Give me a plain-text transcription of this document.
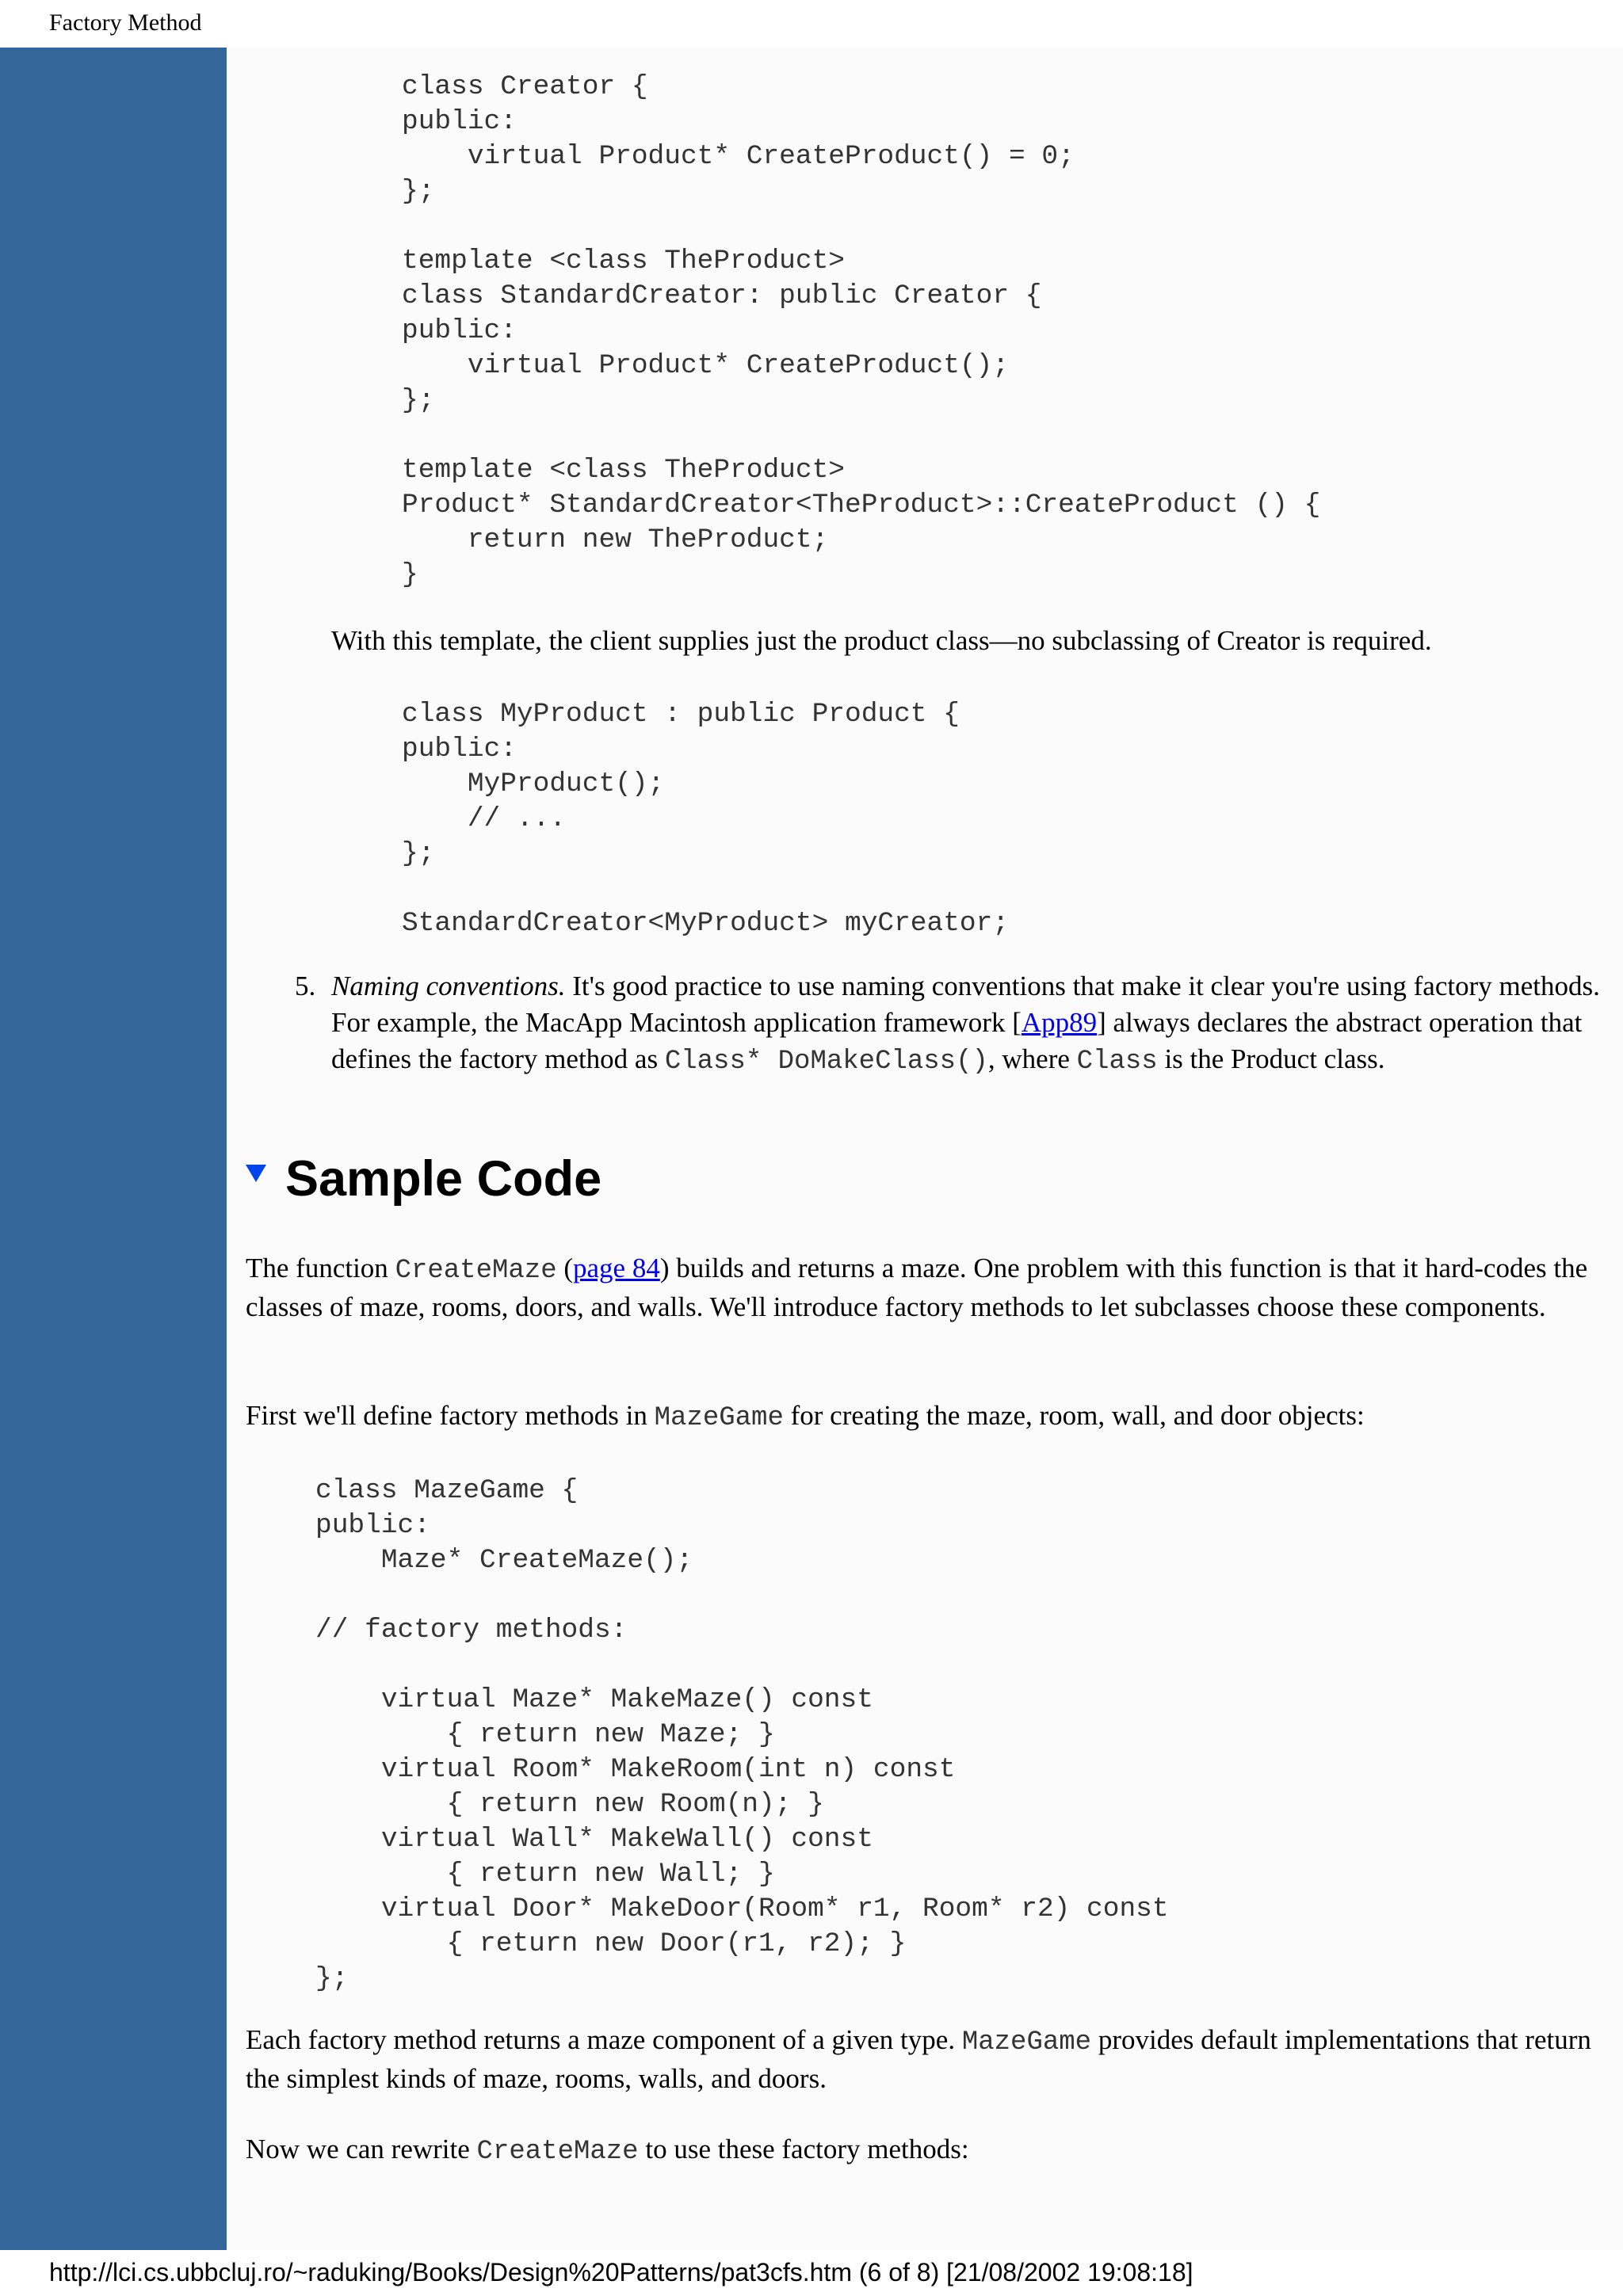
Factory Method
class Creator {
public:
virtual Product* CreateProduct() = 0;
};

template <class TheProduct>
class StandardCreator: public Creator {
public:
virtual Product* CreateProduct();
};

template <class TheProduct>
Product* StandardCreator<TheProduct>::CreateProduct () {
return new TheProduct;
}

With this template, the client supplies just the product class—no subclassing of Creator is required.

class MyProduct : public Product {
public:
MyProduct();
// ...
};

StandardCreator<MyProduct> myCreator;
5. Naming conventions. It's good practice to use naming conventions that make it clear you're using factory methods. For example, the MacApp Macintosh application framework [App89] always declares the abstract operation that defines the factory method as Class* DoMakeClass(), where Class is the Product class.

Sample Code

The function CreateMaze (page 84) builds and returns a maze. One problem with this function is that it hard-codes the classes of maze, rooms, doors, and walls. We'll introduce factory methods to let subclasses choose these components.

First we'll define factory methods in MazeGame for creating the maze, room, wall, and door objects:

class MazeGame {
public:
Maze* CreateMaze();

// factory methods:

virtual Maze* MakeMaze() const
{ return new Maze; }
virtual Room* MakeRoom(int n) const
{ return new Room(n); }
virtual Wall* MakeWall() const
{ return new Wall; }
virtual Door* MakeDoor(Room* r1, Room* r2) const
{ return new Door(r1, r2); }
};

Each factory method returns a maze component of a given type. MazeGame provides default implementations that return the simplest kinds of maze, rooms, walls, and doors.

Now we can rewrite CreateMaze to use these factory methods:

http://lci.cs.ubbcluj.ro/~raduking/Books/Design%20Patterns/pat3cfs.htm (6 of 8) [21/08/2002 19:08:18]
